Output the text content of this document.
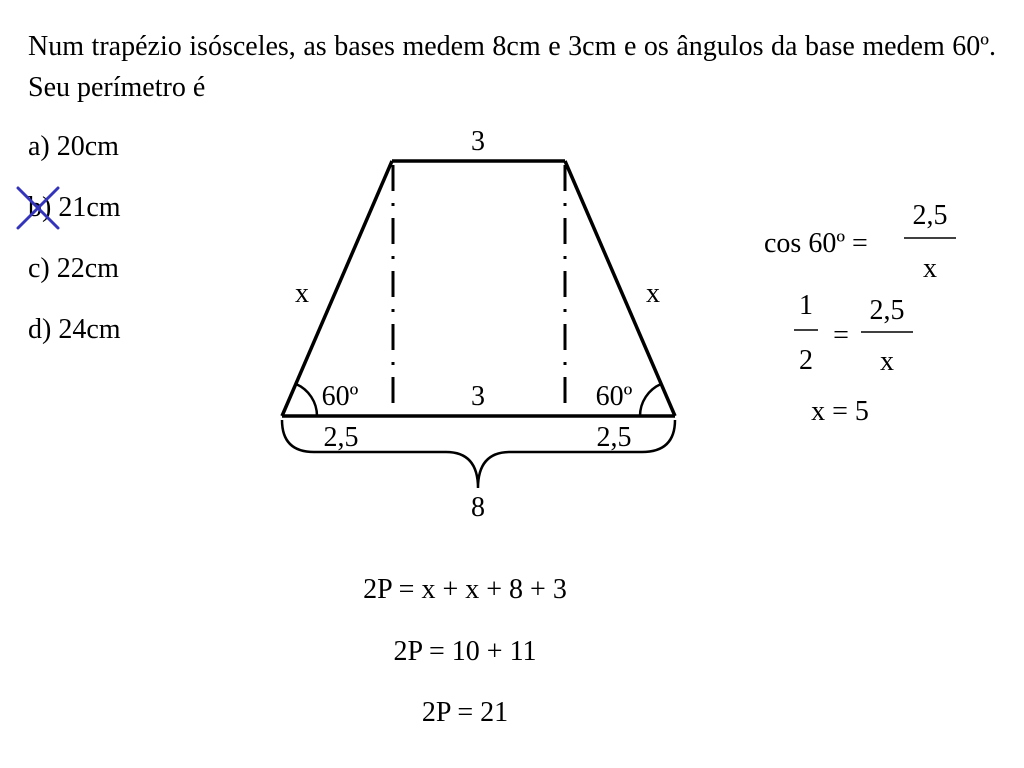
Num trapézio isósceles, as bases medem 8cm e 3cm e os ângulos da base medem 60º. Seu perímetro é

a) 20cm
b) 21cm
c) 22cm
d) 24cm
3
x	x
60º	3	60º
2,5	2,5
8
cos 60º =
2,5
x
1
2
=
2,5
x
x = 5
2P = x + x + 8 + 3
2P = 10 + 11
2P = 21
